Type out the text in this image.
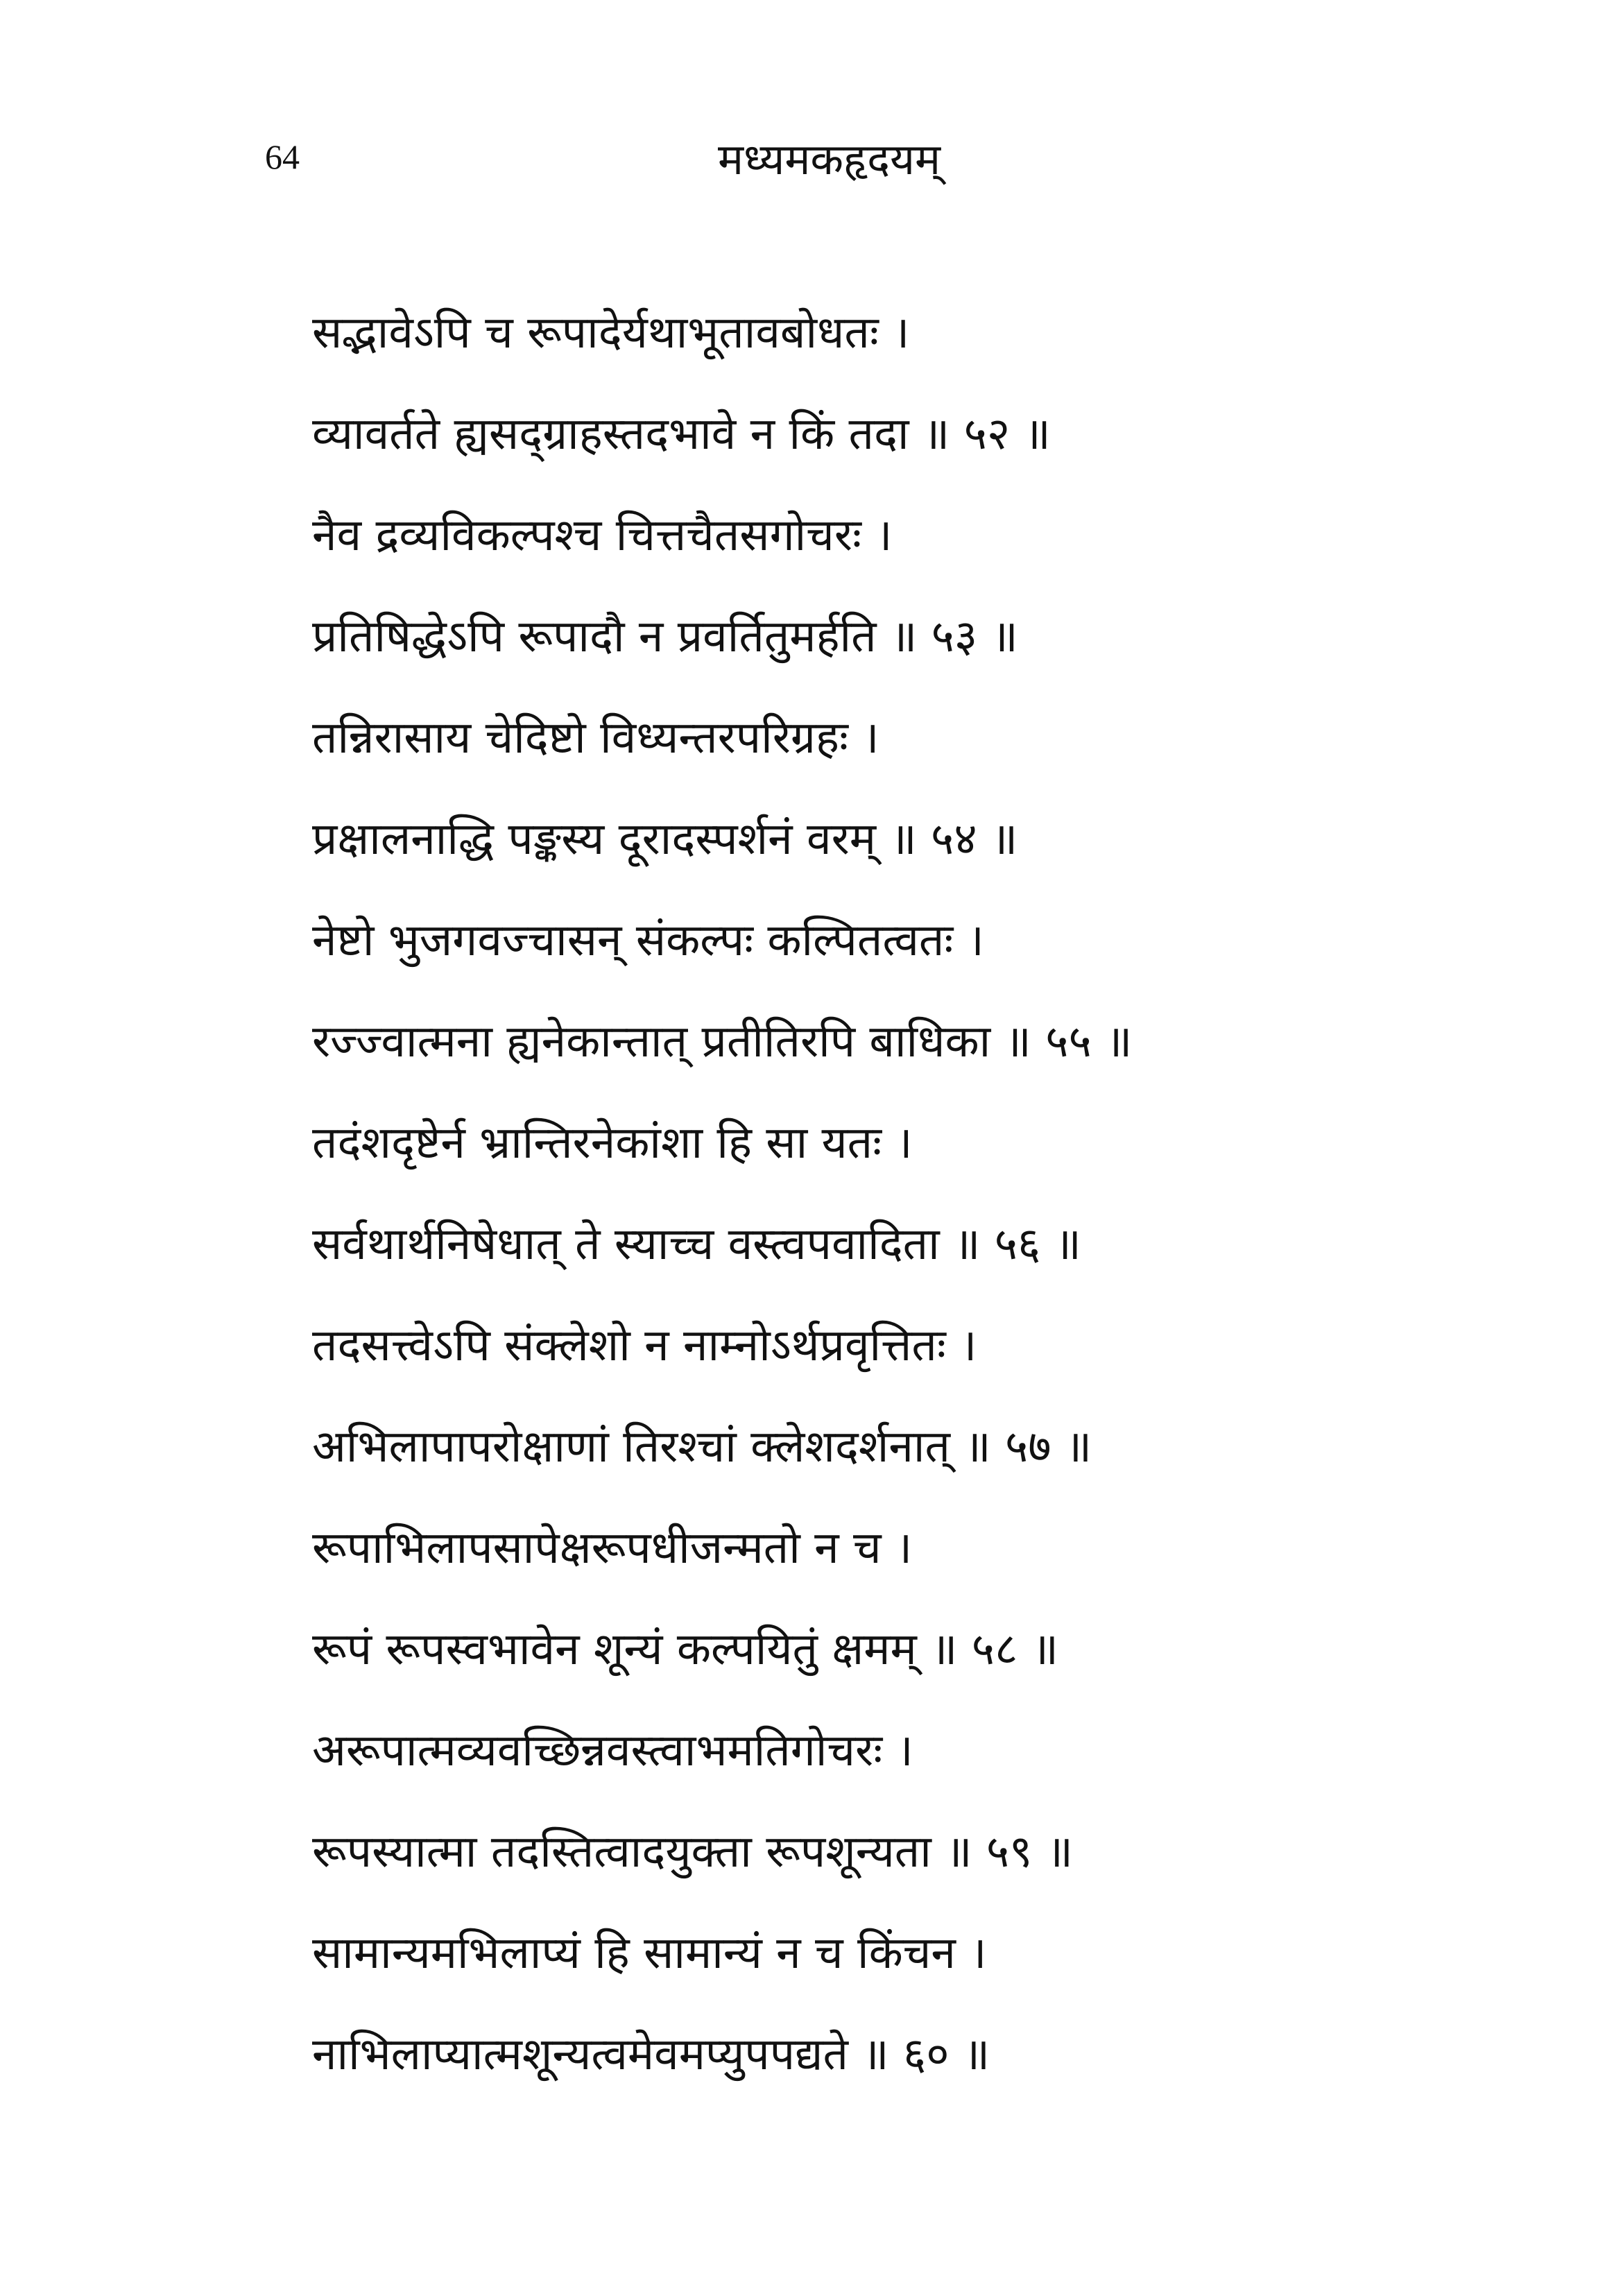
64	मध्यमकहृदयम्
सद्भावेऽपि च रूपादेर्यथाभूतावबोधतः ।
व्यावर्तते ह्यसद्ग्राहस्तदभावे न किं तदा ॥ ५२ ॥
नैव द्रव्यविकल्पश्च चित्तचैतसगोचरः ।
प्रतिषिद्धेऽपि रूपादौ न प्रवर्तितुमर्हति ॥ ५३ ॥
तन्निरासाय चेदिष्टो विध्यन्तरपरिग्रहः ।
प्रक्षालनाद्धि पङ्कस्य दूरादस्पर्शनं वरम् ॥ ५४ ॥
नेष्टो भुजगवज्चासन् संकल्पः कल्पितत्वतः ।
रज्ज्वात्मना ह्यनेकान्तात् प्रतीतिरपि बाधिका ॥ ५५ ॥
तदंशदृष्टेर्न भ्रान्तिरनेकांशा हि सा यतः ।
सर्वथार्थनिषेधात् ते स्याच्च वस्त्वपवादिता ॥ ५६ ॥
तदसत्त्वेऽपि संक्लेशो न नाम्नोऽर्थप्रवृत्तितः ।
अभिलापापरोक्षाणां तिरश्चां क्लेशदर्शनात् ॥ ५७ ॥
रूपाभिलापसापेक्षरूपधीजन्मतो न च ।
रूपं रूपस्वभावेन शून्यं कल्पयितुं क्षमम् ॥ ५८ ॥
अरूपात्मव्यवच्छिन्नवस्त्वाभमतिगोचरः ।
रूपस्यात्मा तदस्तित्वादयुक्ता रूपशून्यता ॥ ५९ ॥
सामान्यमभिलाप्यं हि सामान्यं न च किंचन ।
नाभिलाप्यात्मशून्यत्वमेवमप्युपपद्यते ॥ ६० ॥
